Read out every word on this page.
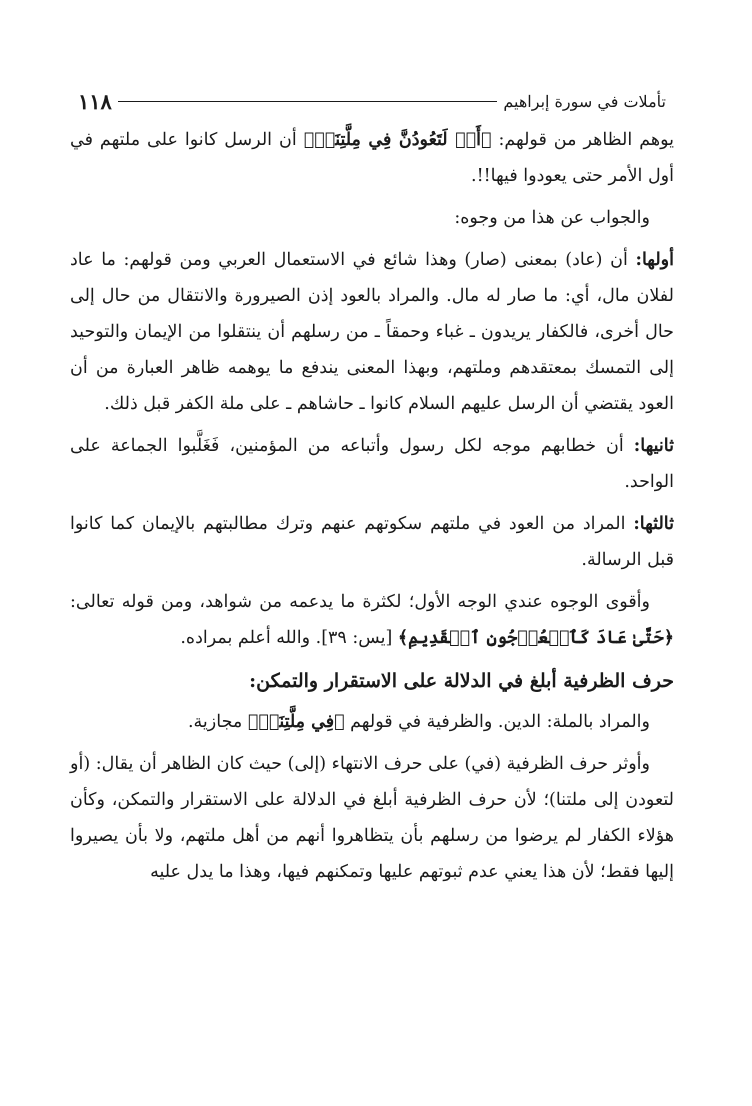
تأملات في سورة إبراهيم
١١٨

يوهم الظاهر من قولهم: ﴿أَوۡ لَتَعُودُنَّ فِي مِلَّتِنَاۖ﴾ أن الرسل كانوا على ملتهم في أول الأمر حتى يعودوا فيها!!.

والجواب عن هذا من وجوه:

أولها: أن (عاد) بمعنى (صار) وهذا شائع في الاستعمال العربي ومن قولهم: ما عاد لفلان مال، أي: ما صار له مال. والمراد بالعود إذن الصيرورة والانتقال من حال إلى حال أخرى، فالكفار يريدون ـ غباء وحمقاً ـ من رسلهم أن ينتقلوا من الإيمان والتوحيد إلى التمسك بمعتقدهم وملتهم، وبهذا المعنى يندفع ما يوهمه ظاهر العبارة من أن العود يقتضي أن الرسل عليهم السلام كانوا ـ حاشاهم ـ على ملة الكفر قبل ذلك.

ثانيها: أن خطابهم موجه لكل رسول وأتباعه من المؤمنين، فَغَلَّبوا الجماعة على الواحد.

ثالثها: المراد من العود في ملتهم سكوتهم عنهم وترك مطالبتهم بالإيمان كما كانوا قبل الرسالة.

وأقوى الوجوه عندي الوجه الأول؛ لكثرة ما يدعمه من شواهد، ومن قوله تعالى: ﴿حَتَّىٰ عَادَ كَٱلۡعُرۡجُونِ ٱلۡقَدِيمِ﴾ [يس: ٣٩]. والله أعلم بمراده.

حرف الظرفية أبلغ في الدلالة على الاستقرار والتمكن:

والمراد بالملة: الدين. والظرفية في قولهم ﴿فِي مِلَّتِنَاۖ﴾ مجازية.

وأوثر حرف الظرفية (في) على حرف الانتهاء (إلى) حيث كان الظاهر أن يقال: (أو لتعودن إلى ملتنا)؛ لأن حرف الظرفية أبلغ في الدلالة على الاستقرار والتمكن، وكأن هؤلاء الكفار لم يرضوا من رسلهم بأن يتظاهروا أنهم من أهل ملتهم، ولا بأن يصيروا إليها فقط؛ لأن هذا يعني عدم ثبوتهم عليها وتمكنهم فيها، وهذا ما يدل عليه
